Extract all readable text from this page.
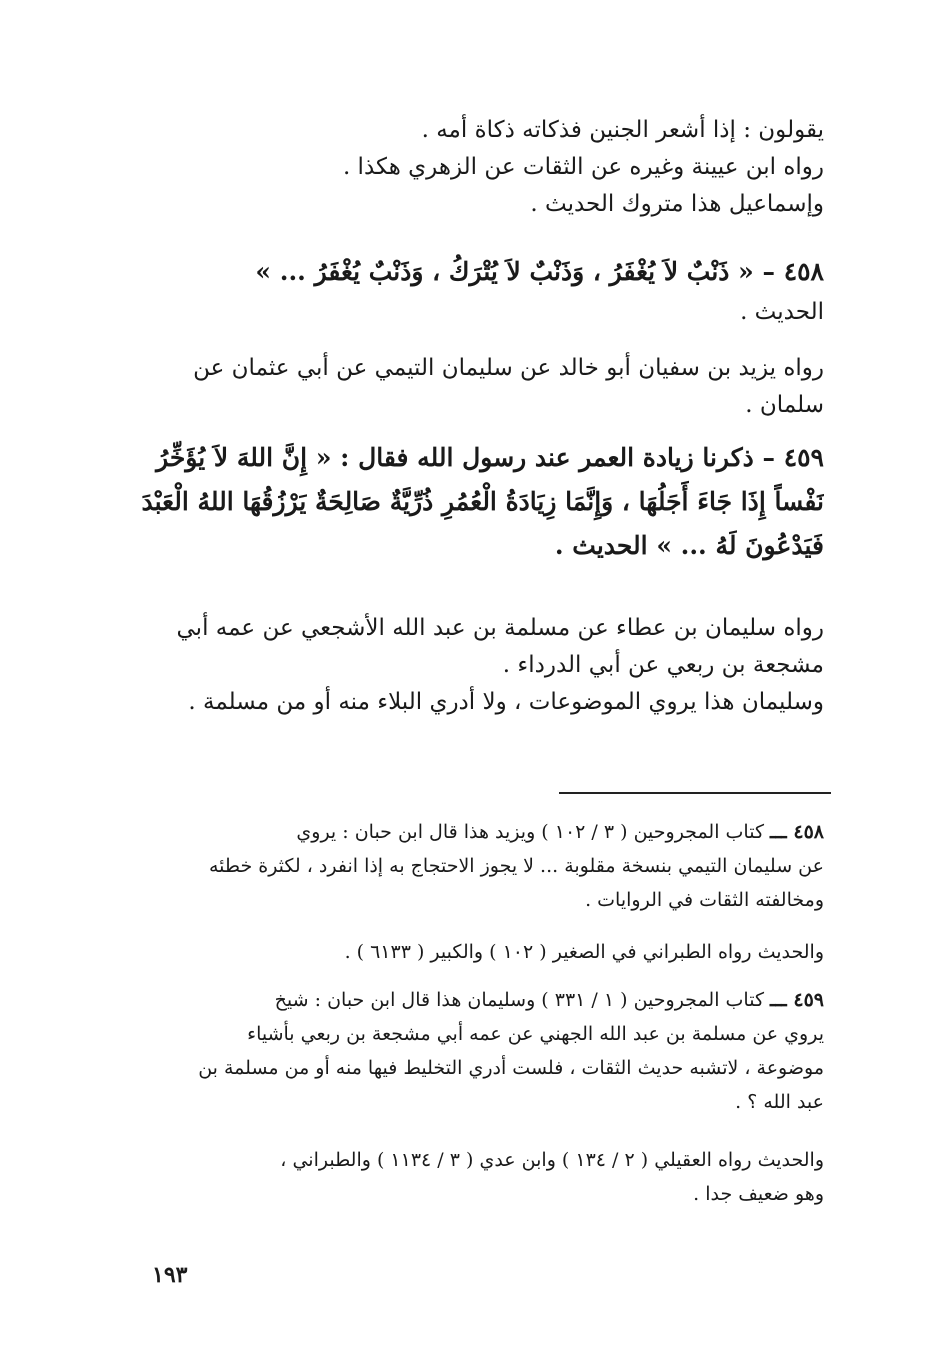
يقولون : إذا أشعر الجنين فذكاته ذكاة أمه .
رواه ابن عيينة وغيره عن الثقات عن الزهري هكذا .
وإسماعيل هذا متروك الحديث .
٤٥٨ – « ذَنْبٌ لاَ يُغْفَرُ ، وَذَنْبٌ لاَ يُتْرَكُ ، وَذَنْبٌ يُغْفَرُ ... »
الحديث .
رواه يزيد بن سفيان أبو خالد عن سليمان التيمي عن أبي عثمان عن
سلمان .
٤٥٩ – ذكرنا زيادة العمر عند رسول الله فقال : « إِنَّ اللهَ لاَ يُؤَخِّرُ
نَفْساً إِذَا جَاءَ أَجَلُهَا ، وَإِنَّمَا زِيَادَةُ الْعُمُرِ ذُرِّيَّةٌ صَالِحَةٌ يَرْزُقُهَا اللهُ الْعَبْدَ
فَيَدْعُونَ لَهُ ... » الحديث .
رواه سليمان بن عطاء عن مسلمة بن عبد الله الأشجعي عن عمه أبي
مشجعة بن ربعي عن أبي الدرداء .
وسليمان هذا يروي الموضوعات ، ولا أدري البلاء منه أو من مسلمة .
٤٥٨ ـــ كتاب المجروحين ( ٣ / ١٠٢ ) ويزيد هذا قال ابن حبان : يروي
عن سليمان التيمي بنسخة مقلوبة ... لا يجوز الاحتجاج به إذا انفرد ، لكثرة خطئه
ومخالفته الثقات في الروايات .
والحديث رواه الطبراني في الصغير ( ١٠٢ ) والكبير ( ٦١٣٣ ) .
٤٥٩ ـــ كتاب المجروحين ( ١ / ٣٣١ ) وسليمان هذا قال ابن حبان : شيخ
يروي عن مسلمة بن عبد الله الجهني عن عمه أبي مشجعة بن ربعي بأشياء
موضوعة ، لاتشبه حديث الثقات ، فلست أدري التخليط فيها منه أو من مسلمة بن
عبد الله ؟ .
والحديث رواه العقيلي ( ٢ / ١٣٤ ) وابن عدي ( ٣ / ١١٣٤ ) والطبراني ،
وهو ضعيف جدا .
١٩٣
